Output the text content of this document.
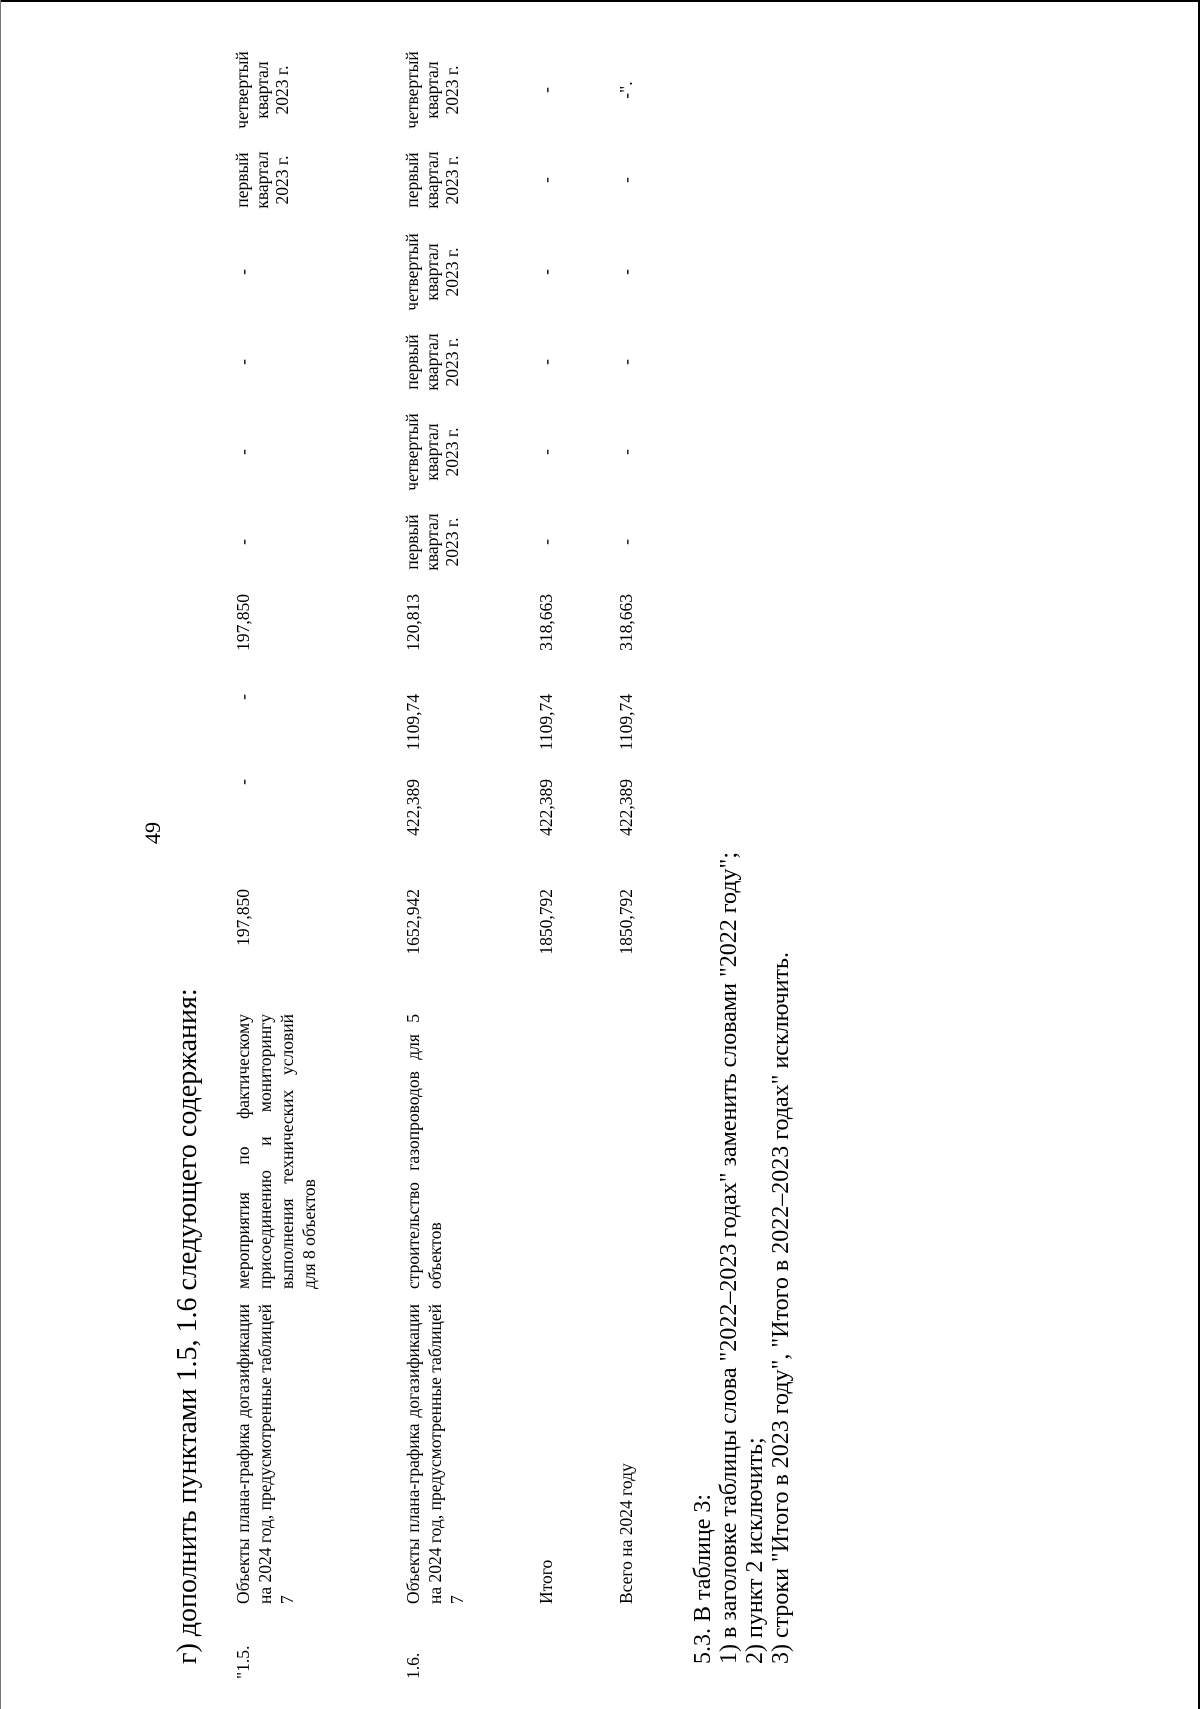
49
г) дополнить пунктами 1.5, 1.6 следующего содержания: "1.5.
Объекты плана-графика догазификации на 2024 год, предусмотренные таблицей 7
мероприятия по фактическому присоединению и мониторингу выполнения технических условий для 8 объектов
197,850
-
-
197,850
-
-
-
-
первый квартал 2023 г.
четвертый квартал 2023 г.
1.6.
Объекты плана-графика догазификации на 2024 год, предусмотренные таблицей 7
строительство газопроводов для 5 объектов
1652,942
422,389
1109,74
120,813
первый квартал 2023 г.
четвертый квартал 2023 г.
первый квартал 2023 г.
четвертый квартал 2023 г.
первый квартал 2023 г.
четвертый квартал 2023 г.
Итого
1850,792
422,389
1109,74
318,663
-
-
-
-
-
-
Всего на 2024 году
1850,792
422,389
1109,74
318,663
-
-
-
-
-
-".
5.3. В таблице 3: 1) в заголовке таблицы слова "2022–2023 годах" заменить словами "2022 году"; 2) пункт 2 исключить; 3) строки "Итого в 2023 году", "Итого в 2022–2023 годах" исключить.
